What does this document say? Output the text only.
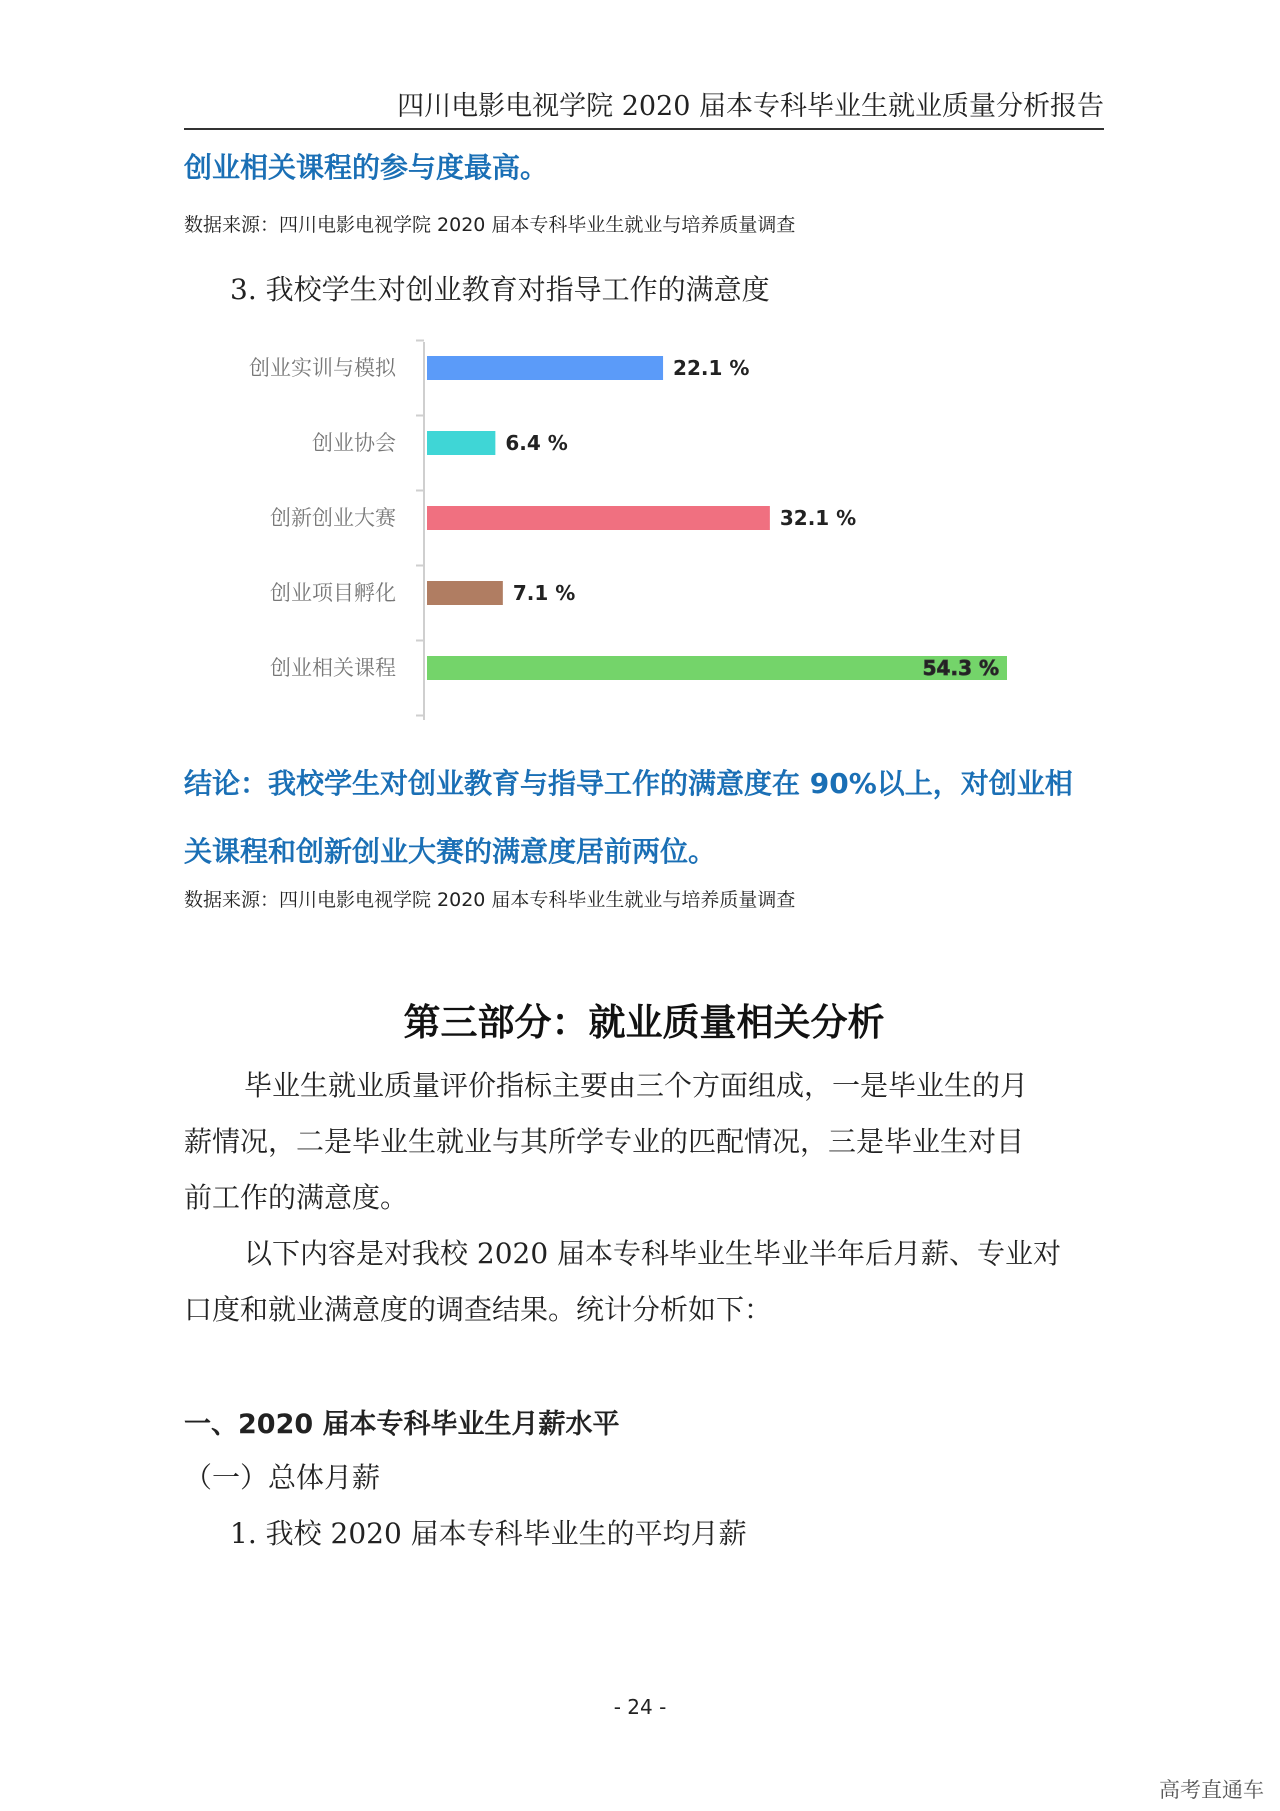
四川电影电视学院 2020 届本专科毕业生就业质量分析报告
创业相关课程的参与度最高。
数据来源：四川电影电视学院 2020 届本专科毕业生就业与培养质量调查
3. 我校学生对创业教育对指导工作的满意度
创业实训与模拟	22.1 %
创业协会	6.4 %
创新创业大赛	32.1 %
创业项目孵化	7.1 %
创业相关课程	54.3 %
结论：我校学生对创业教育与指导工作的满意度在 90%以上，对创业相
关课程和创新创业大赛的满意度居前两位。
数据来源：四川电影电视学院 2020 届本专科毕业生就业与培养质量调查
第三部分：就业质量相关分析
毕业生就业质量评价指标主要由三个方面组成，一是毕业生的月
薪情况，二是毕业生就业与其所学专业的匹配情况，三是毕业生对目
前工作的满意度。
以下内容是对我校 2020 届本专科毕业生毕业半年后月薪、专业对
口度和就业满意度的调查结果。统计分析如下：
一、2020 届本专科毕业生月薪水平
（一）总体月薪
1. 我校 2020 届本专科毕业生的平均月薪
- 24 -
高考直通车
